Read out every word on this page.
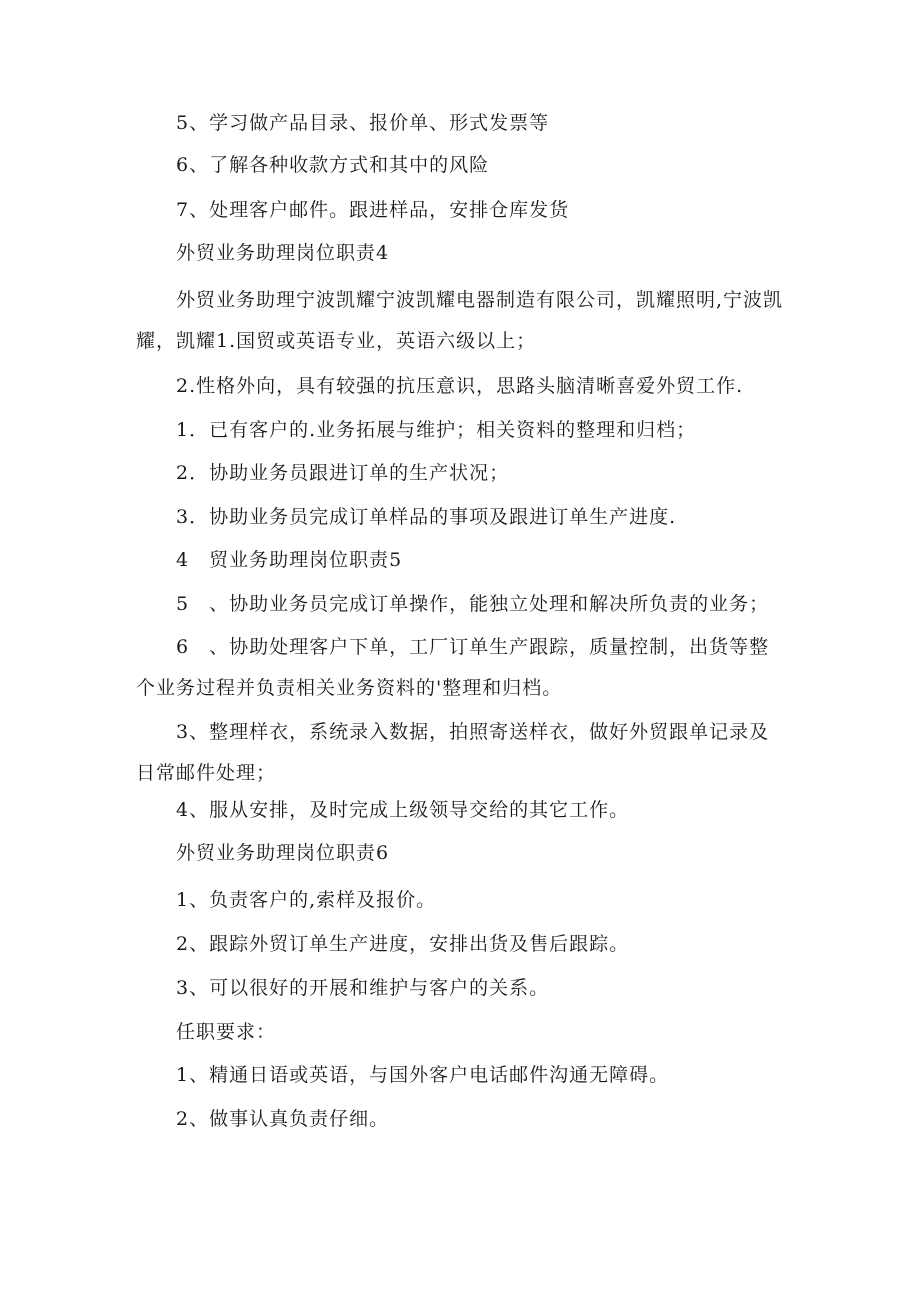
5、学习做产品目录、报价单、形式发票等

6、了解各种收款方式和其中的风险

7、处理客户邮件。跟进样品，安排仓库发货

外贸业务助理岗位职责4

外贸业务助理宁波凯耀宁波凯耀电器制造有限公司，凯耀照明,宁波凯耀，凯耀1.国贸或英语专业，英语六级以上；

2.性格外向，具有较强的抗压意识，思路头脑清晰喜爱外贸工作.

1．已有客户的.业务拓展与维护；相关资料的整理和归档；

2．协助业务员跟进订单的生产状况；

3．协助业务员完成订单样品的事项及跟进订单生产进度.

4　贸业务助理岗位职责5

5　、协助业务员完成订单操作，能独立处理和解决所负责的业务；

6　、协助处理客户下单，工厂订单生产跟踪，质量控制，出货等整个业务过程并负责相关业务资料的'整理和归档。

3、整理样衣，系统录入数据，拍照寄送样衣，做好外贸跟单记录及日常邮件处理；

4、服从安排，及时完成上级领导交给的其它工作。

外贸业务助理岗位职责6

1、负责客户的,索样及报价。

2、跟踪外贸订单生产进度，安排出货及售后跟踪。

3、可以很好的开展和维护与客户的关系。

任职要求：

1、精通日语或英语，与国外客户电话邮件沟通无障碍。

2、做事认真负责仔细。
